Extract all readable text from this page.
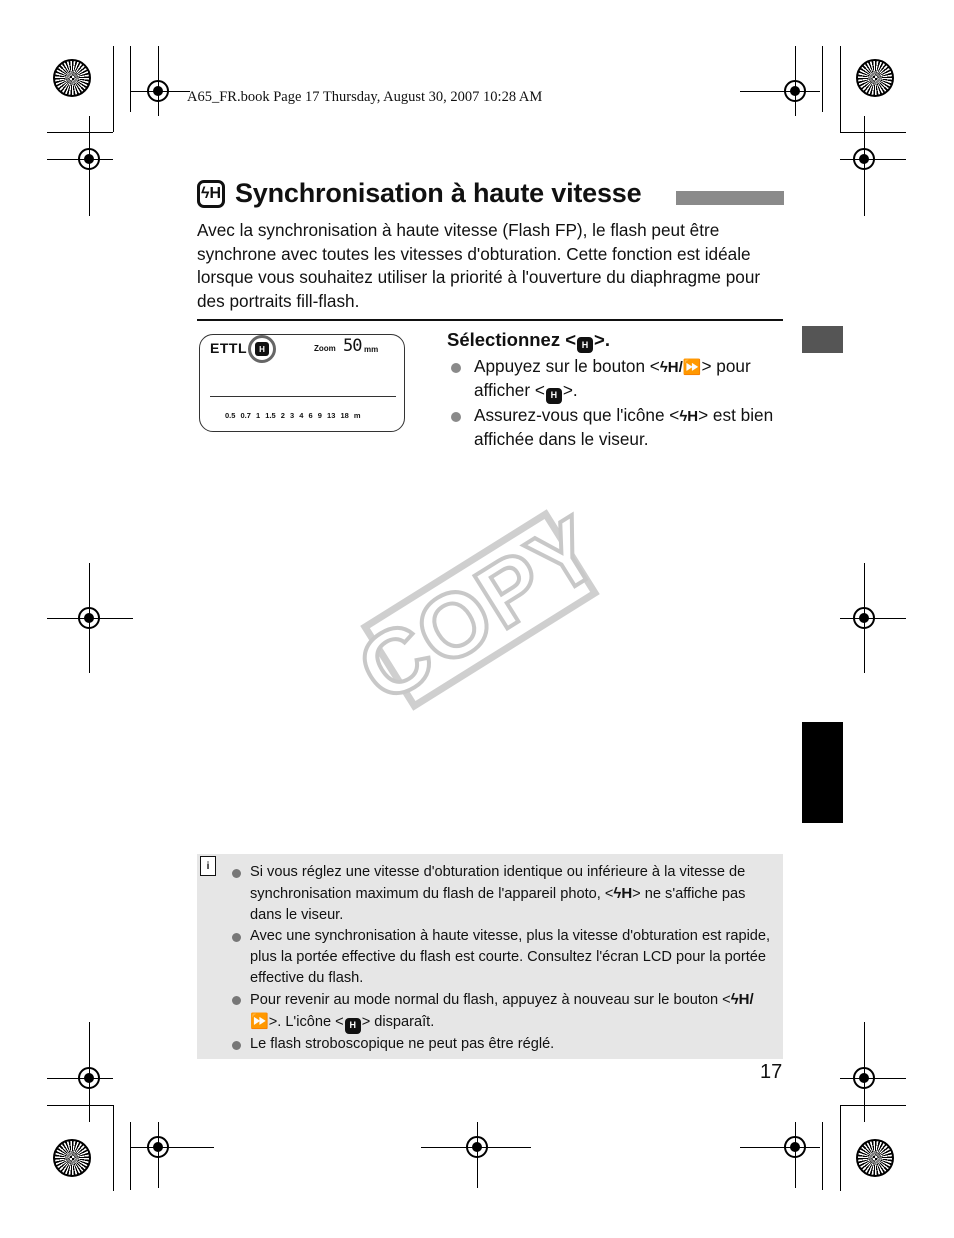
A65_FR.book Page 17 Thursday, August 30, 2007 10:28 AM
ϟH Synchronisation à haute vitesse
Avec la synchronisation à haute vitesse (Flash FP), le flash peut être synchrone avec toutes les vitesses d'obturation. Cette fonction est idéale lorsque vous souhaitez utiliser la priorité à l'ouverture du diaphragme pour des portraits fill-flash.
ETTL	H	Zoom 50 mm
0.5 0.7 1 1.5 2 3 4 6 9 13 18 m
Sélectionnez < H >.
Appuyez sur le bouton <ϟH/⏩> pour afficher < H >.
Assurez-vous que l'icône <ϟH> est bien affichée dans le viseur.
COPY
i	Si vous réglez une vitesse d'obturation identique ou inférieure à la vitesse de synchronisation maximum du flash de l'appareil photo, <ϟH> ne s'affiche pas dans le viseur.
Avec une synchronisation à haute vitesse, plus la vitesse d'obturation est rapide, plus la portée effective du flash est courte. Consultez l'écran LCD pour la portée effective du flash.
Pour revenir au mode normal du flash, appuyez à nouveau sur le bouton <ϟH/⏩>. L'icône < H > disparaît.
Le flash stroboscopique ne peut pas être réglé.
17
